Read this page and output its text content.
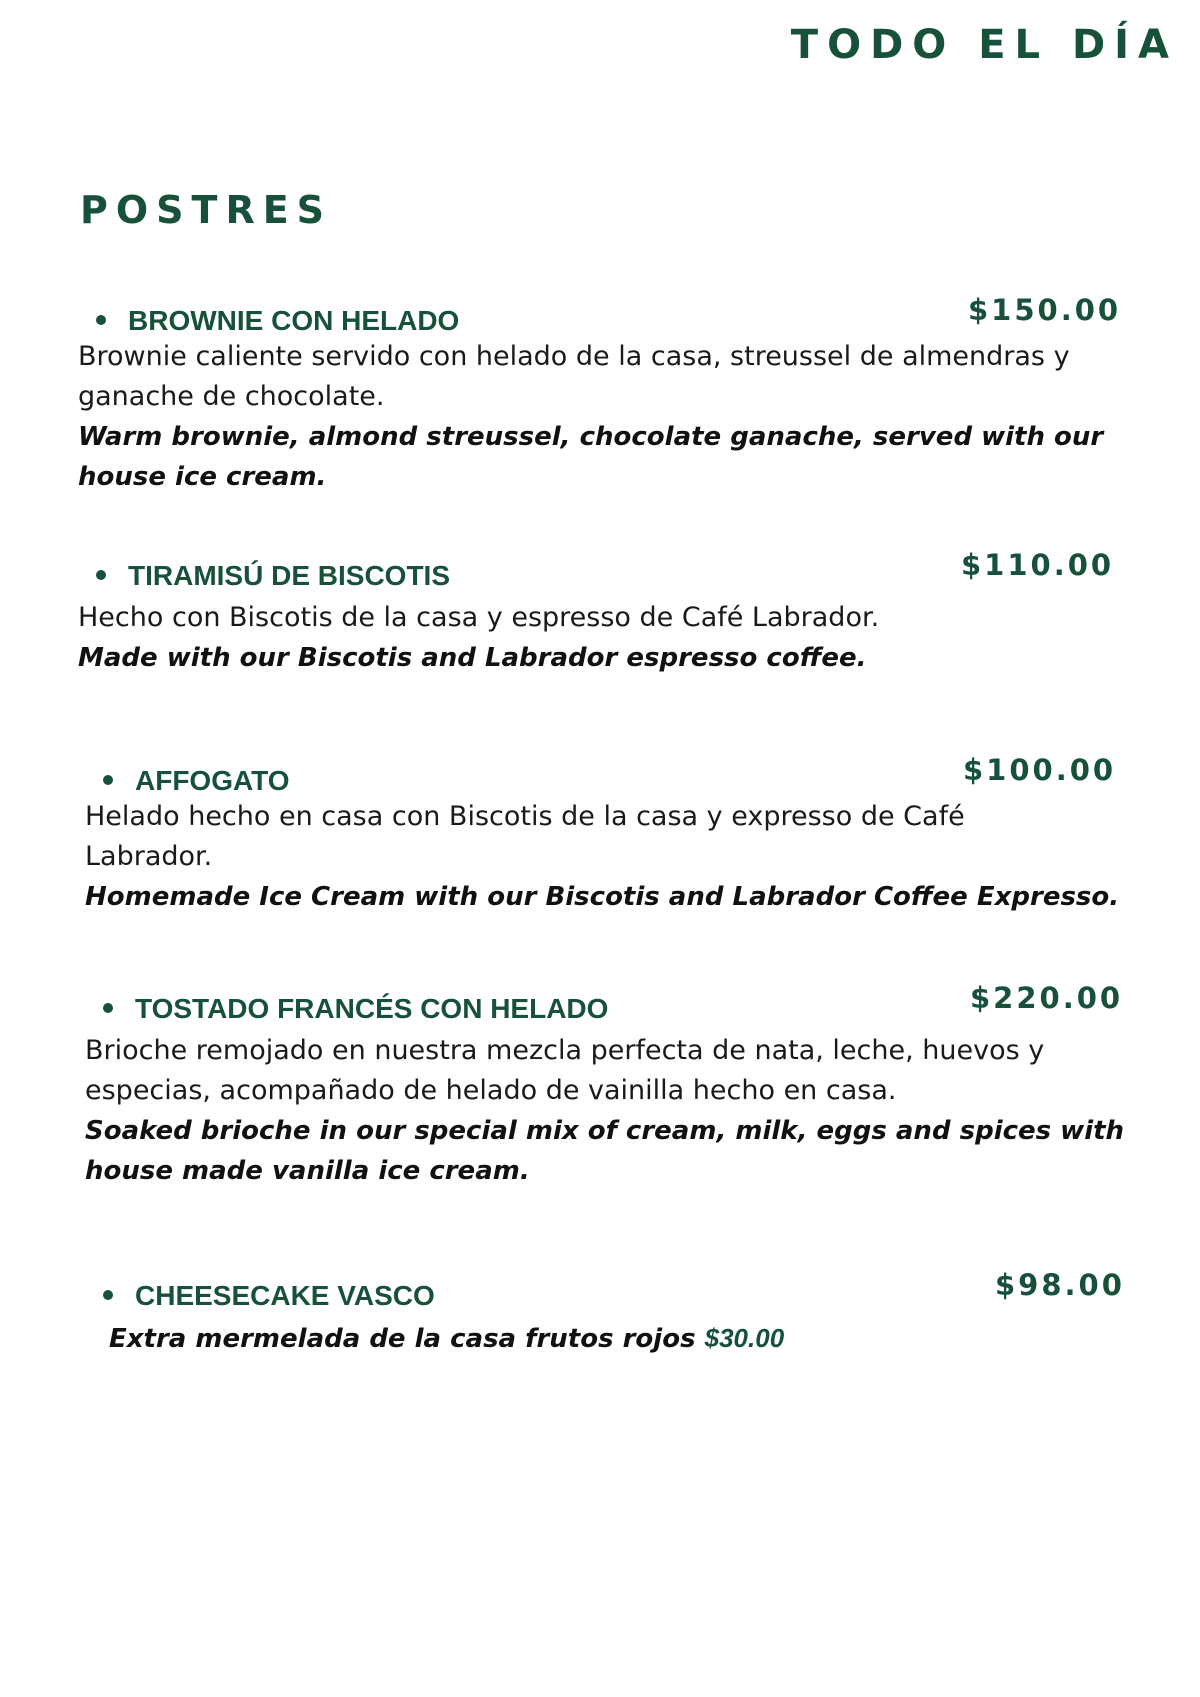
TODO EL DÍA
POSTRES
BROWNIE CON HELADO	$150.00
Brownie caliente servido con helado de la casa, streussel de almendras y ganache de chocolate.
Warm brownie, almond streussel, chocolate ganache, served with our house ice cream.
TIRAMISÚ DE BISCOTIS	$110.00
Hecho con Biscotis de la casa y espresso de Café Labrador.
Made with our Biscotis and Labrador espresso coffee.
AFFOGATO	$100.00
Helado hecho en casa con Biscotis de la casa y expresso de Café Labrador.
Homemade Ice Cream with our Biscotis and Labrador Coffee Expresso.
TOSTADO FRANCÉS CON HELADO	$220.00
Brioche remojado en nuestra mezcla perfecta de nata, leche, huevos y especias, acompañado de helado de vainilla hecho en casa.
Soaked brioche in our special mix of cream, milk, eggs and spices with house made vanilla ice cream.
CHEESECAKE VASCO	$98.00
Extra mermelada de la casa frutos rojos $30.00
